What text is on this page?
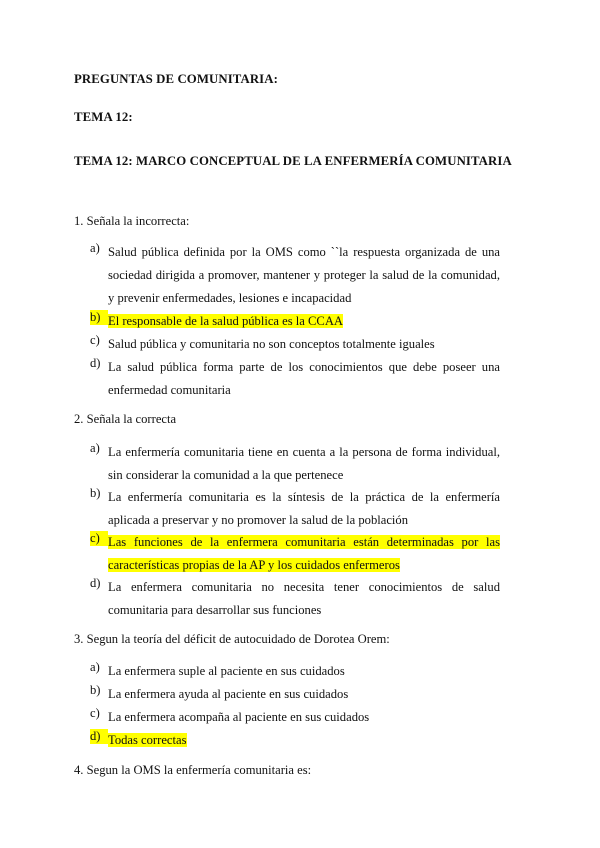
PREGUNTAS DE COMUNITARIA:
TEMA 12:
TEMA 12: MARCO CONCEPTUAL DE LA ENFERMERÍA COMUNITARIA
1. Señala la incorrecta:
a) Salud pública definida por la OMS como ``la respuesta organizada de una sociedad dirigida a promover, mantener y proteger la salud de la comunidad, y prevenir enfermedades, lesiones e incapacidad
b) El responsable de la salud pública es la CCAA
c) Salud pública y comunitaria no son conceptos totalmente iguales
d) La salud pública forma parte de los conocimientos que debe poseer una enfermedad comunitaria
2. Señala la correcta
a) La enfermería comunitaria tiene en cuenta a la persona de forma individual, sin considerar la comunidad a la que pertenece
b) La enfermería comunitaria es la síntesis de la práctica de la enfermería aplicada a preservar y no promover la salud de la población
c) Las funciones de la enfermera comunitaria están determinadas por las características propias de la AP y los cuidados enfermeros
d) La enfermera comunitaria no necesita tener conocimientos de salud comunitaria para desarrollar sus funciones
3. Segun la teoría del déficit de autocuidado de Dorotea Orem:
a) La enfermera suple al paciente en sus cuidados
b) La enfermera ayuda al paciente en sus cuidados
c) La enfermera acompaña al paciente en sus cuidados
d) Todas correctas
4. Segun la OMS la enfermería comunitaria es:
